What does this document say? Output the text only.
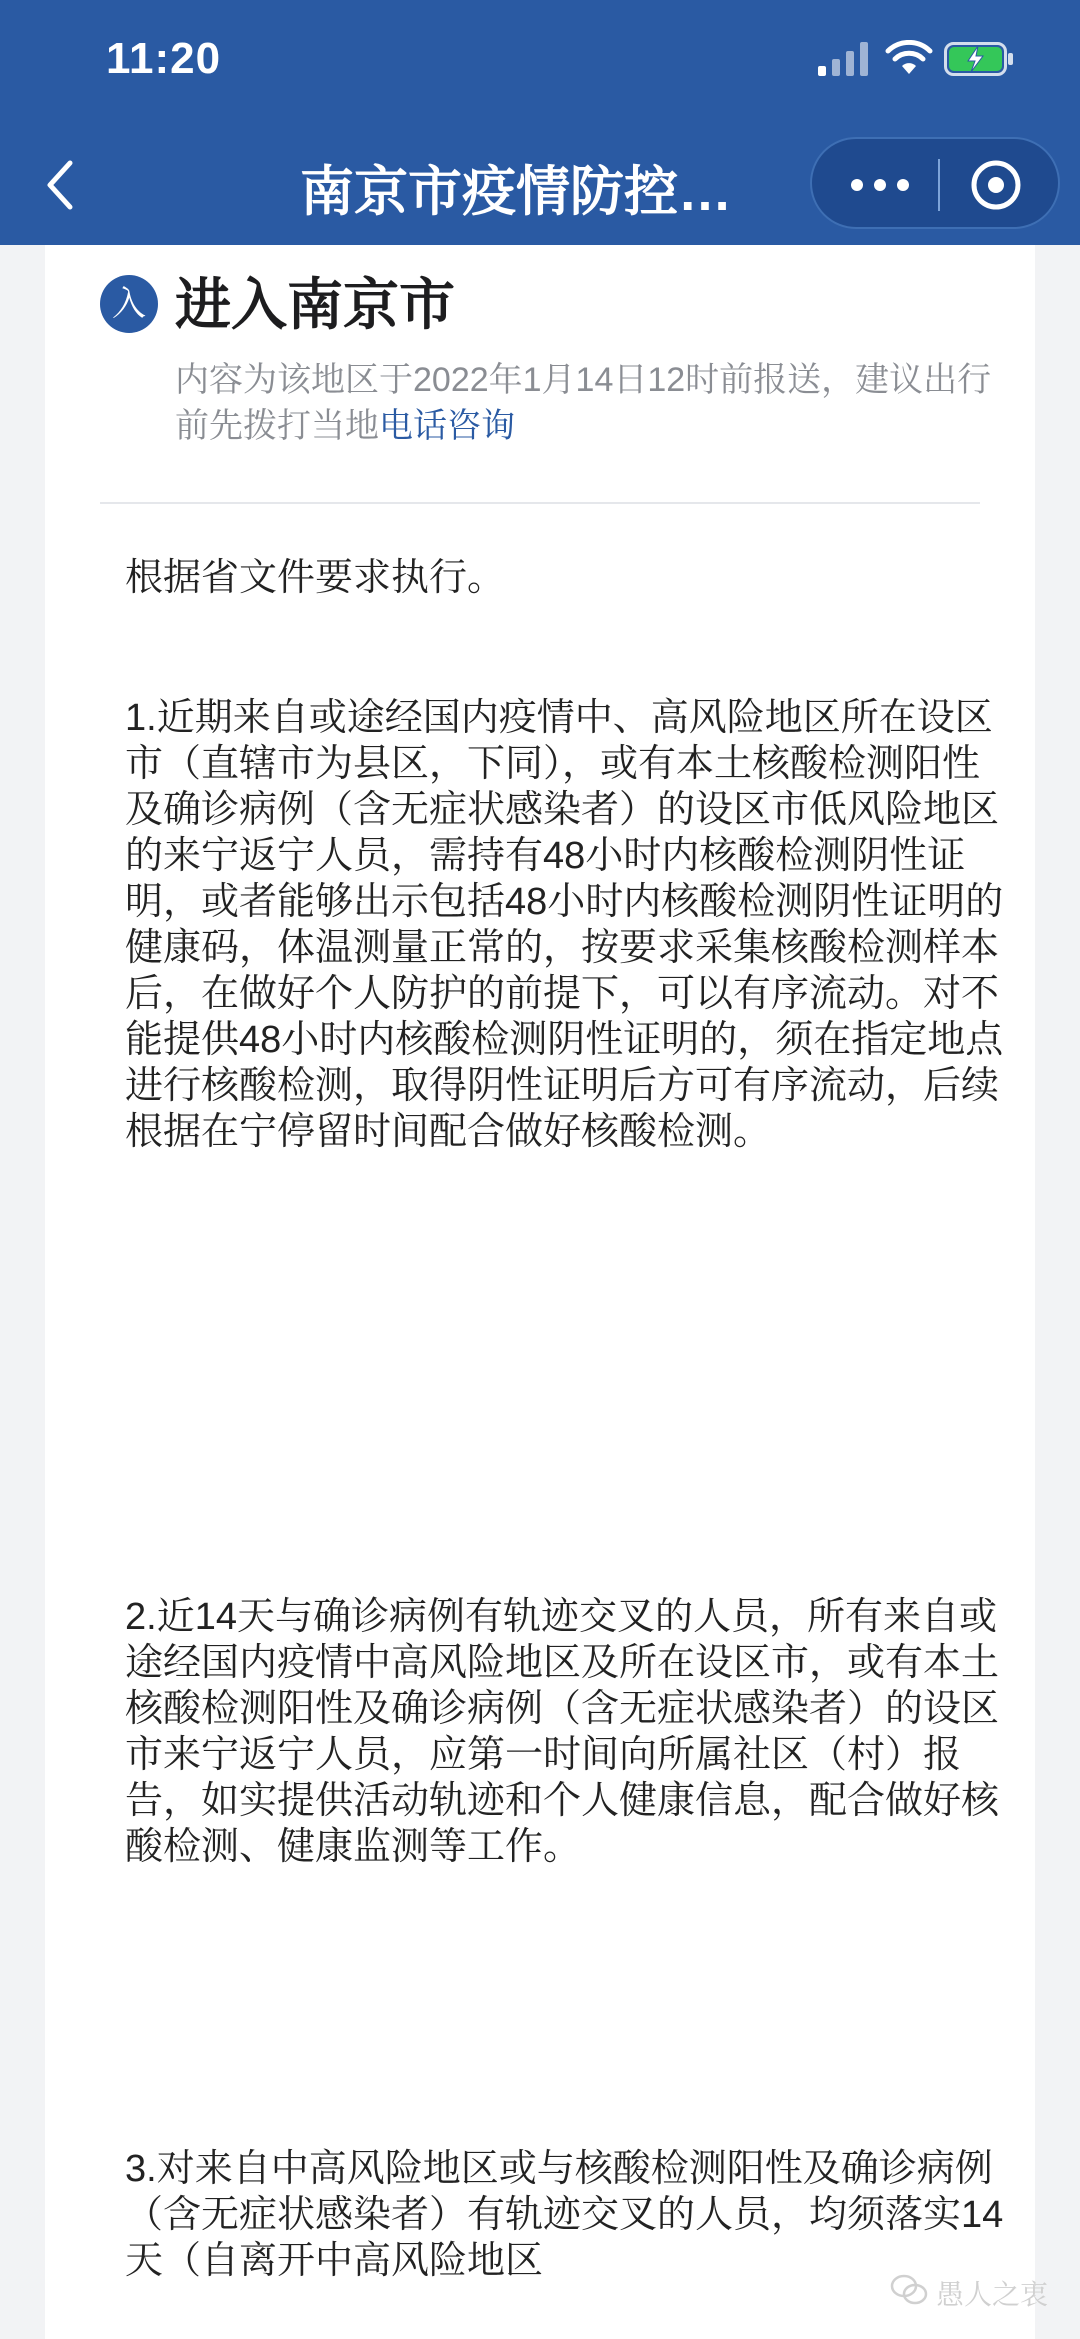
11:20
南京市疫情防控…
入 进入南京市

内容为该地区于2022年1月14日12时前报送，建议出行前先拨打当地电话咨询

根据省文件要求执行。

1.近期来自或途经国内疫情中、高风险地区所在设区市（直辖市为县区，下同），或有本土核酸检测阳性及确诊病例（含无症状感染者）的设区市低风险地区的来宁返宁人员，需持有48小时内核酸检测阴性证明，或者能够出示包括48小时内核酸检测阴性证明的健康码，体温测量正常的，按要求采集核酸检测样本后，在做好个人防护的前提下，可以有序流动。对不能提供48小时内核酸检测阴性证明的，须在指定地点进行核酸检测，取得阴性证明后方可有序流动，后续根据在宁停留时间配合做好核酸检测。

2.近14天与确诊病例有轨迹交叉的人员，所有来自或途经国内疫情中高风险地区及所在设区市，或有本土核酸检测阳性及确诊病例（含无症状感染者）的设区市来宁返宁人员，应第一时间向所属社区（村）报告，如实提供活动轨迹和个人健康信息，配合做好核酸检测、健康监测等工作。

3.对来自中高风险地区或与核酸检测阳性及确诊病例（含无症状感染者）有轨迹交叉的人员，均须落实14天（自离开中高风险地区

愚人之衷
